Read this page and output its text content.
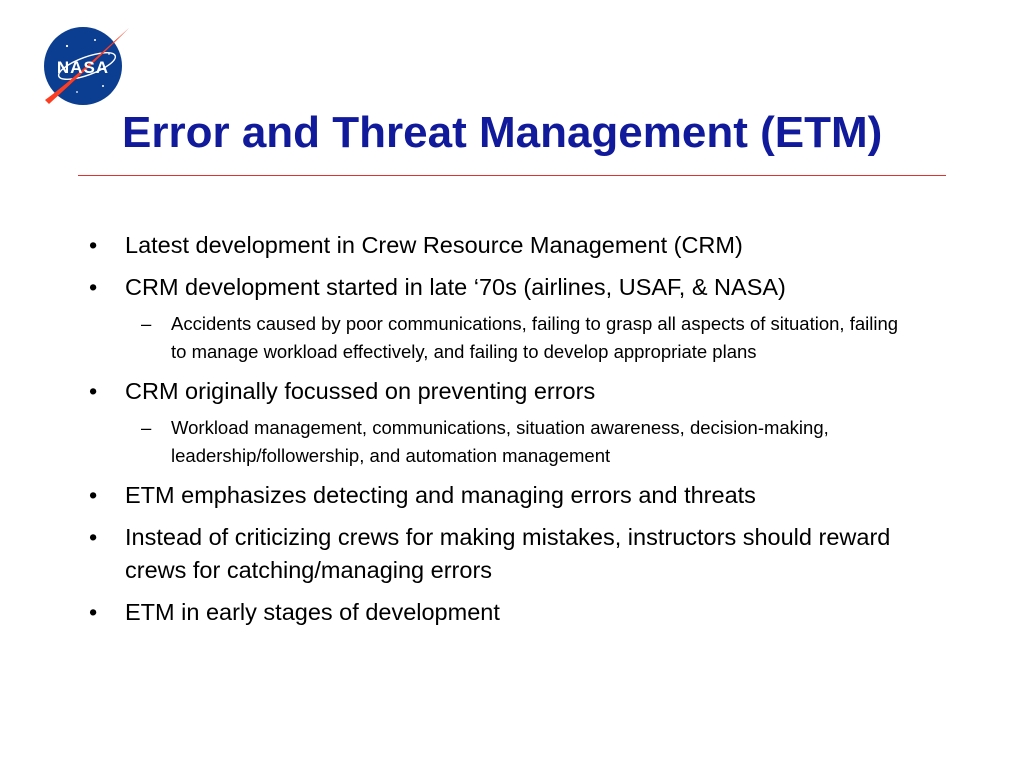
NASA
Error and Threat Management (ETM)
• Latest development in Crew Resource Management (CRM)
• CRM development started in late ‘70s (airlines, USAF, & NASA)
– Accidents caused by poor communications, failing to grasp all aspects of situation, failing to manage workload effectively, and failing to develop appropriate plans
• CRM originally focussed on preventing errors
– Workload management, communications, situation awareness, decision-making, leadership/followership, and automation management
• ETM emphasizes detecting and managing errors and threats
• Instead of criticizing crews for making mistakes, instructors should reward crews for catching/managing errors
• ETM in early stages of development
